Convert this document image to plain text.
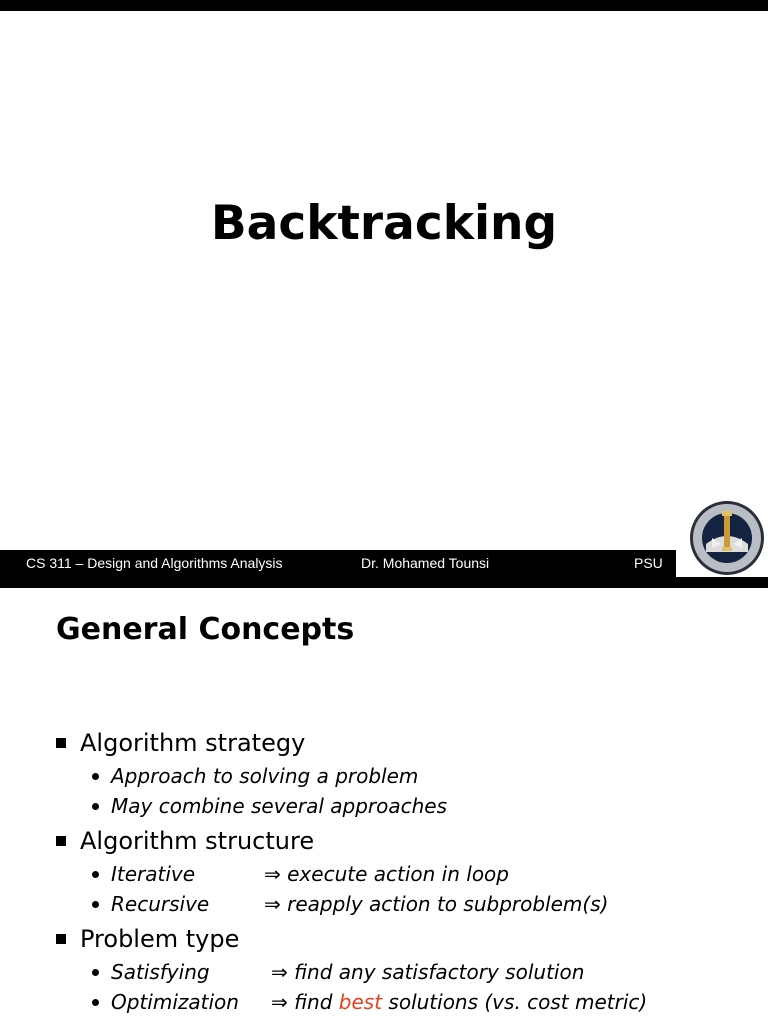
Backtracking
CS 311 – Design and Algorithms Analysis	Dr. Mohamed Tounsi	PSU
General Concepts
Algorithm strategy
Approach to solving a problem
May combine several approaches
Algorithm structure
Iterative	⇒ execute action in loop
Recursive	⇒ reapply action to subproblem(s)
Problem type
Satisfying	⇒ find any satisfactory solution
Optimization ⇒ find best solutions (vs. cost metric)
